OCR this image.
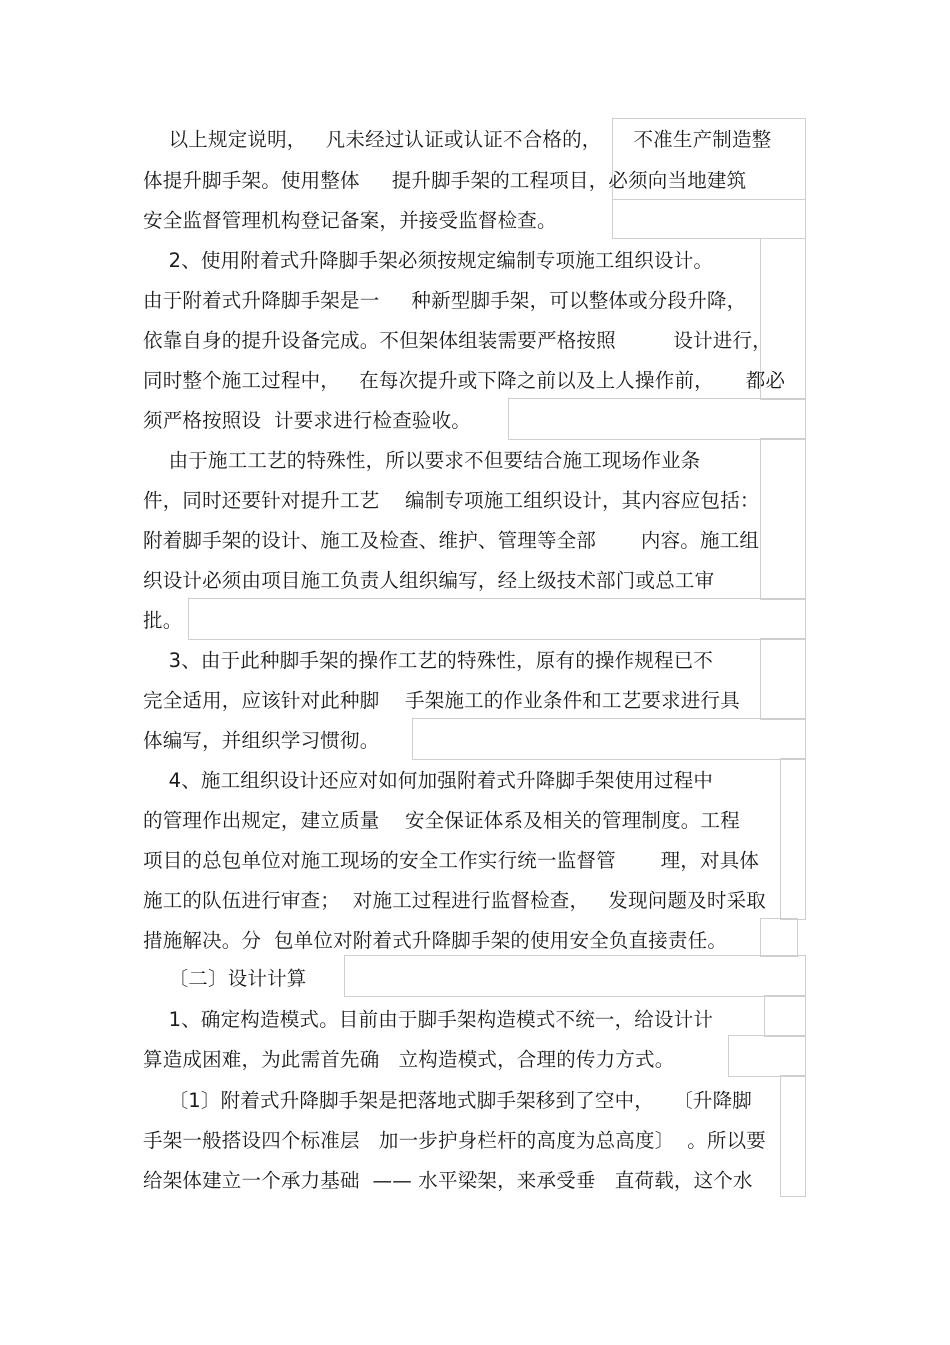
以上规定说明，   凡未经过认证或认证不合格的，     不准生产制造整
体提升脚手架。使用整体     提升脚手架的工程项目，必须向当地建筑
安全监督管理机构登记备案，并接受监督检查。
2、使用附着式升降脚手架必须按规定编制专项施工组织设计。
由于附着式升降脚手架是一     种新型脚手架，可以整体或分段升降，
依靠自身的提升设备完成。不但架体组装需要严格按照         设计进行，
同时整个施工过程中，   在每次提升或下降之前以及上人操作前，     都必
须严格按照设  计要求进行检查验收。
由于施工工艺的特殊性，所以要求不但要结合施工现场作业条
件，同时还要针对提升工艺    编制专项施工组织设计，其内容应包括：
附着脚手架的设计、施工及检查、维护、管理等全部       内容。施工组
织设计必须由项目施工负责人组织编写，经上级技术部门或总工审
批。
3、由于此种脚手架的操作工艺的特殊性，原有的操作规程已不
完全适用，应该针对此种脚    手架施工的作业条件和工艺要求进行具
体编写，并组织学习惯彻。
4、施工组织设计还应对如何加强附着式升降脚手架使用过程中
的管理作出规定，建立质量    安全保证体系及相关的管理制度。工程
项目的总包单位对施工现场的安全工作实行统一监督管       理，对具体
施工的队伍进行审查；  对施工过程进行监督检查，   发现问题及时采取
措施解决。分  包单位对附着式升降脚手架的使用安全负直接责任。
〔二〕设计计算
1、确定构造模式。目前由于脚手架构造模式不统一，给设计计
算造成困难，为此需首先确   立构造模式，合理的传力方式。
〔1〕附着式升降脚手架是把落地式脚手架移到了空中，   〔升降脚
手架一般搭设四个标准层   加一步护身栏杆的高度为总高度〕  。所以要
给架体建立一个承力基础  —— 水平梁架，来承受垂   直荷载，这个水
